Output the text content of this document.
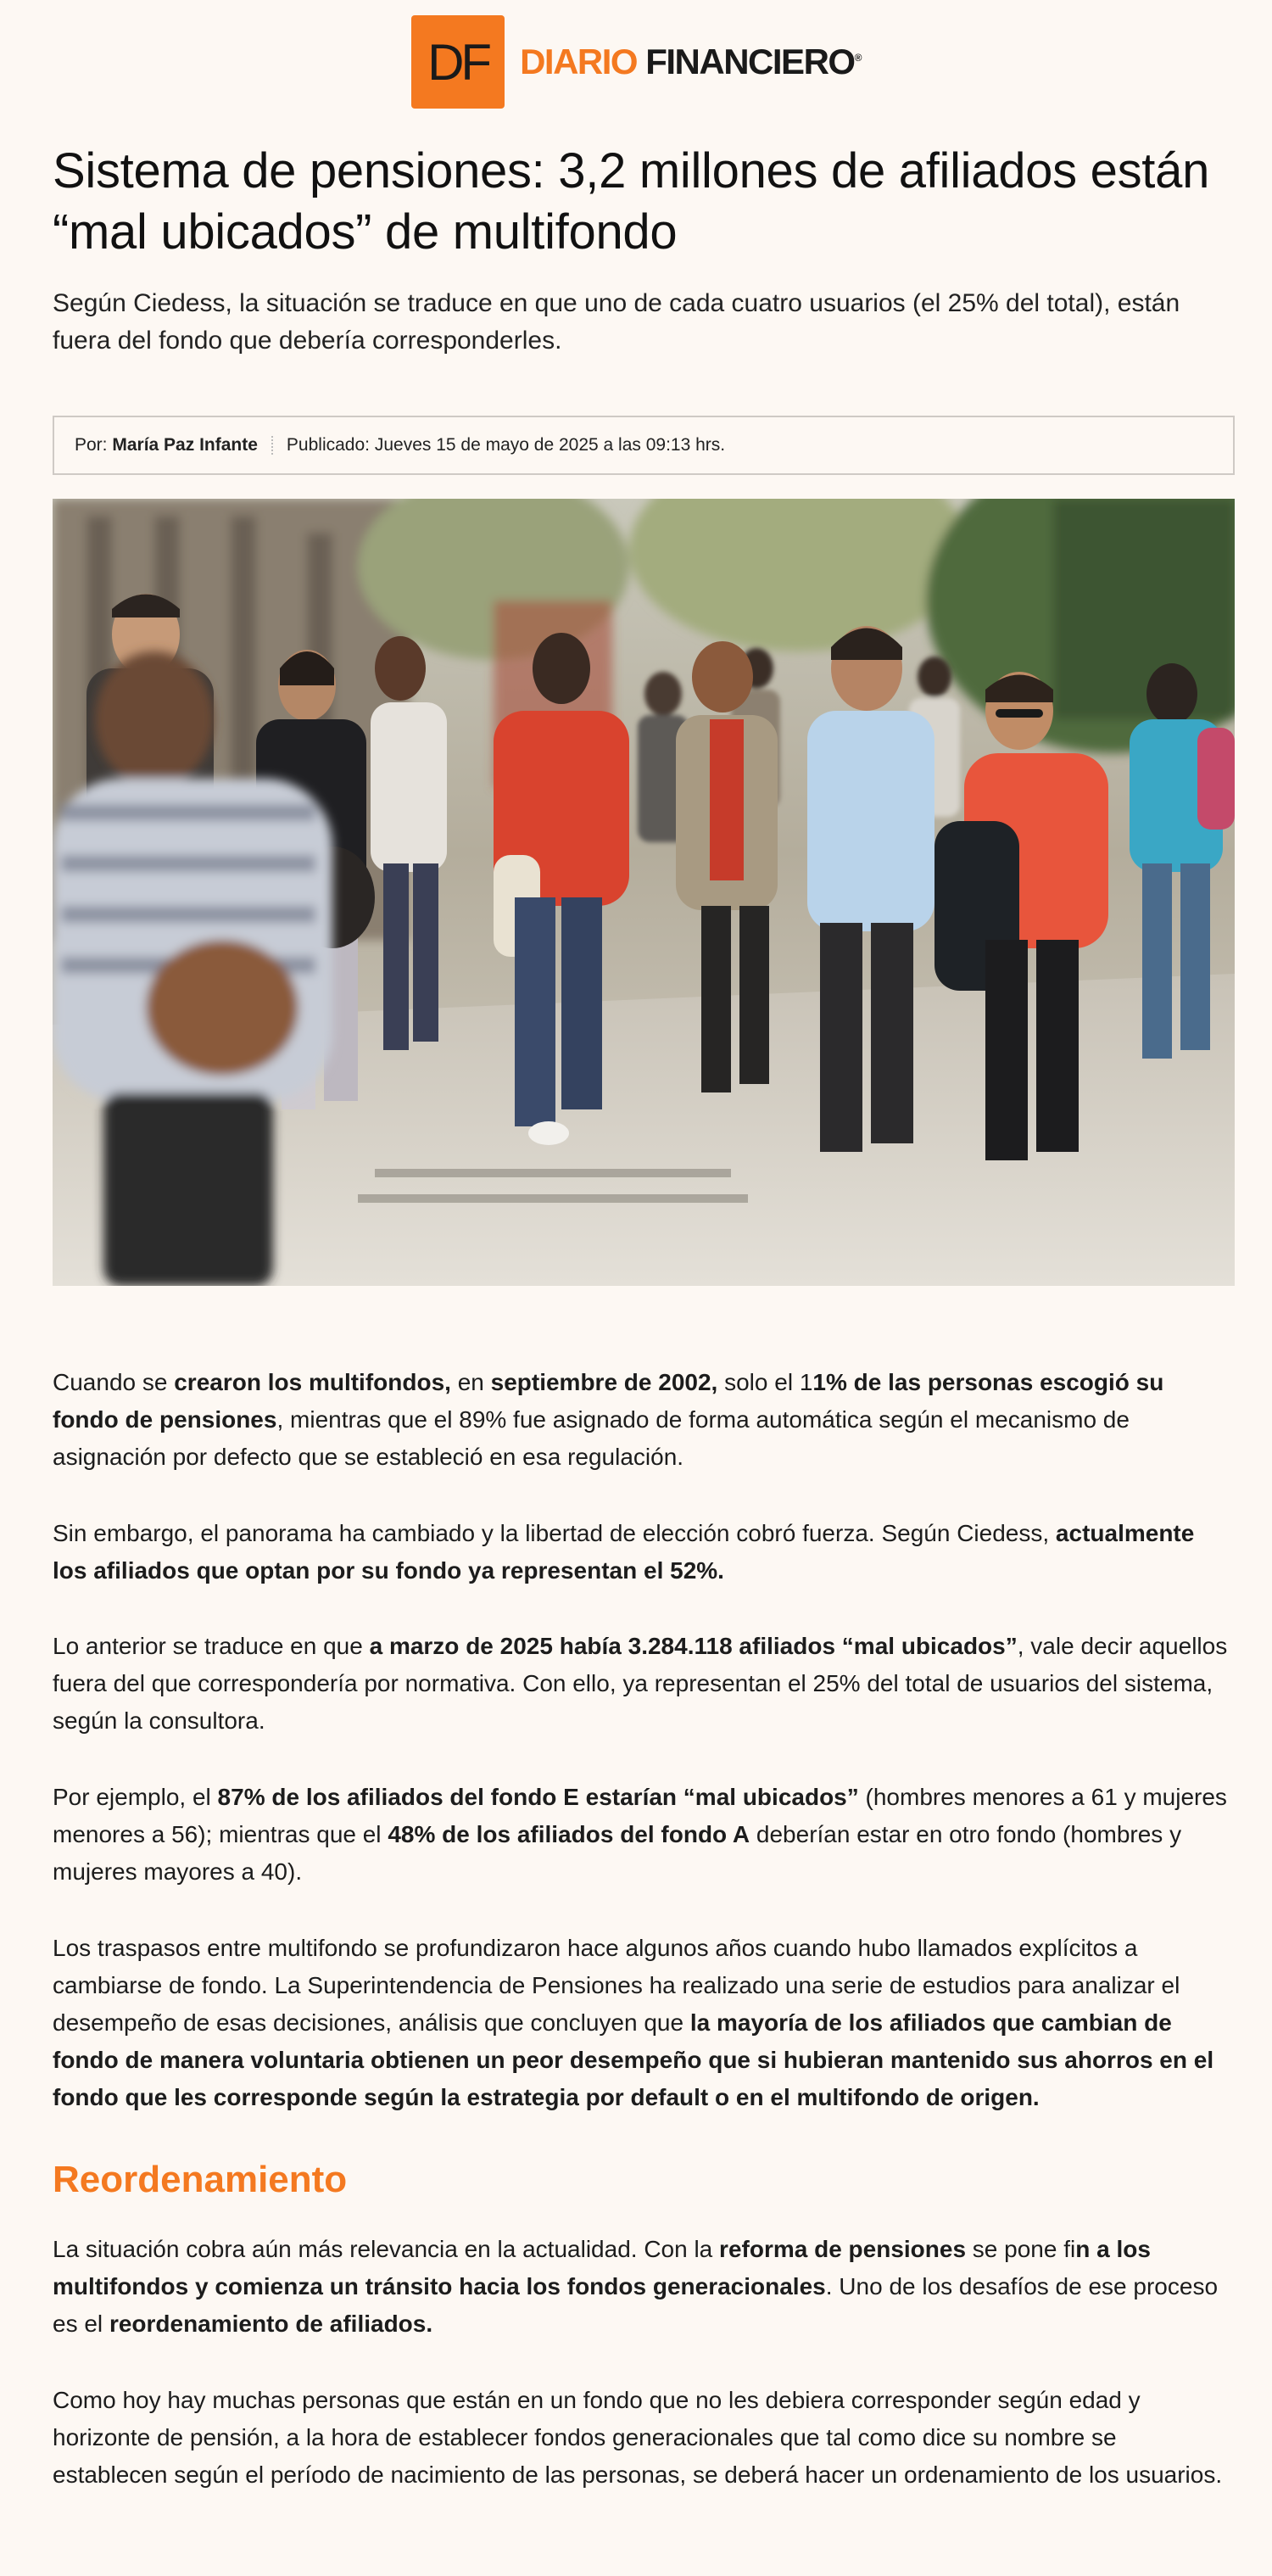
DF DIARIO FINANCIERO®
Sistema de pensiones: 3,2 millones de afiliados están “mal ubicados” de multifondo

Según Ciedess, la situación se traduce en que uno de cada cuatro usuarios (el 25% del total), están fuera del fondo que debería corresponderles.

Por:
María Paz Infante Publicado:
Jueves 15 de mayo de 2025 a las 09:13 hrs.
Cuando se crearon los multifondos, en septiembre de 2002, solo el 11% de las personas escogió su fondo de pensiones, mientras que el 89% fue asignado de forma automática según el mecanismo de asignación por defecto que se estableció en esa regulación.
Sin embargo, el panorama ha cambiado y la libertad de elección cobró fuerza. Según Ciedess, actualmente los afiliados que optan por su fondo ya representan el 52%.
Lo anterior se traduce en que a marzo de 2025 había 3.284.118 afiliados “mal ubicados”, vale decir aquellos fuera del que correspondería por normativa. Con ello, ya representan el 25% del total de usuarios del sistema, según la consultora.
Por ejemplo, el 87% de los afiliados del fondo E estarían “mal ubicados” (hombres menores a 61 y mujeres menores a 56); mientras que el 48% de los afiliados del fondo A deberían estar en otro fondo (hombres y mujeres mayores a 40).
Los traspasos entre multifondo se profundizaron hace algunos años cuando hubo llamados explícitos a cambiarse de fondo. La Superintendencia de Pensiones ha realizado una serie de estudios para analizar el desempeño de esas decisiones, análisis que concluyen que la mayoría de los afiliados que cambian de fondo de manera voluntaria obtienen un peor desempeño que si hubieran mantenido sus ahorros en el fondo que les corresponde según la estrategia por default o en el multifondo de origen.
Reordenamiento
La situación cobra aún más relevancia en la actualidad. Con la reforma de pensiones se pone fin a los multifondos y comienza un tránsito hacia los fondos generacionales. Uno de los desafíos de ese proceso es el reordenamiento de afiliados.
Como hoy hay muchas personas que están en un fondo que no les debiera corresponder según edad y horizonte de pensión, a la hora de establecer fondos generacionales que tal como dice su nombre se establecen según el período de nacimiento de las personas, se deberá hacer un ordenamiento de los usuarios.
